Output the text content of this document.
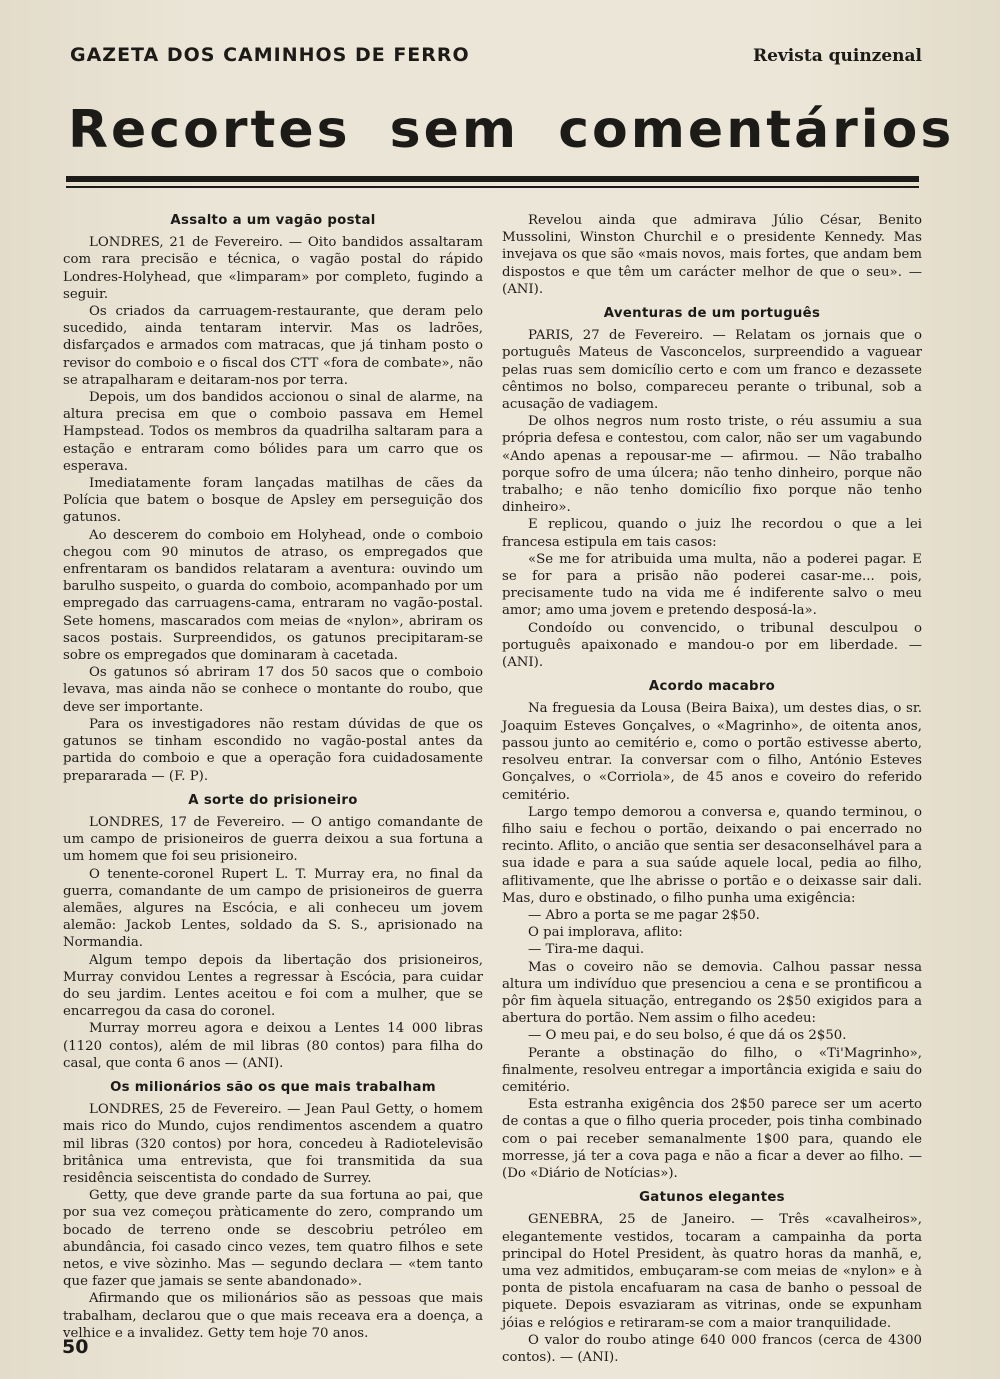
GAZETA DOS CAMINHOS DE FERRO	Revista quinzenal
Recortes sem comentários
Assalto a um vagão postal

LONDRES, 21 de Fevereiro. — Oito bandidos assaltaram com rara precisão e técnica, o vagão postal do rápido Londres-Holyhead, que «limparam» por completo, fugindo a seguir.

Os criados da carruagem-restaurante, que deram pelo sucedido, ainda tentaram intervir. Mas os ladrões, disfarçados e armados com matracas, que já tinham posto o revisor do comboio e o fiscal dos CTT «fora de combate», não se atrapalharam e deitaram-nos por terra.

Depois, um dos bandidos accionou o sinal de alarme, na altura precisa em que o comboio passava em Hemel Hampstead. Todos os membros da quadrilha saltaram para a estação e entraram como bólides para um carro que os esperava.

Imediatamente foram lançadas matilhas de cães da Polícia que batem o bosque de Apsley em perseguição dos gatunos.

Ao descerem do comboio em Holyhead, onde o comboio chegou com 90 minutos de atraso, os empregados que enfrentaram os bandidos relataram a aventura: ouvindo um barulho suspeito, o guarda do comboio, acompanhado por um empregado das carruagens-cama, entraram no vagão-postal. Sete homens, mascarados com meias de «nylon», abriram os sacos postais. Surpreendidos, os gatunos precipitaram-se sobre os empregados que dominaram à cacetada.

Os gatunos só abriram 17 dos 50 sacos que o comboio levava, mas ainda não se conhece o montante do roubo, que deve ser importante.

Para os investigadores não restam dúvidas de que os gatunos se tinham escondido no vagão-postal antes da partida do comboio e que a operação fora cuidadosamente prepararada — (F. P).

A sorte do prisioneiro

LONDRES, 17 de Fevereiro. — O antigo comandante de um campo de prisioneiros de guerra deixou a sua fortuna a um homem que foi seu prisioneiro.

O tenente-coronel Rupert L. T. Murray era, no final da guerra, comandante de um campo de prisioneiros de guerra alemães, algures na Escócia, e ali conheceu um jovem alemão: Jackob Lentes, soldado da S. S., aprisionado na Normandia.

Algum tempo depois da libertação dos prisioneiros, Murray convidou Lentes a regressar à Escócia, para cuidar do seu jardim. Lentes aceitou e foi com a mulher, que se encarregou da casa do coronel.

Murray morreu agora e deixou a Lentes 14 000 libras (1120 contos), além de mil libras (80 contos) para filha do casal, que conta 6 anos — (ANI).

Os milionários são os que mais trabalham

LONDRES, 25 de Fevereiro. — Jean Paul Getty, o homem mais rico do Mundo, cujos rendimentos ascendem a quatro mil libras (320 contos) por hora, concedeu à Radiotelevisão britânica uma entrevista, que foi transmitida da sua residência seiscentista do condado de Surrey.

Getty, que deve grande parte da sua fortuna ao pai, que por sua vez começou pràticamente do zero, comprando um bocado de terreno onde se descobriu petróleo em abundância, foi casado cinco vezes, tem quatro filhos e sete netos, e vive sòzinho. Mas — segundo declara — «tem tanto que fazer que jamais se sente abandonado».

Afirmando que os milionários são as pessoas que mais trabalham, declarou que o que mais receava era a doença, a velhice e a invalidez. Getty tem hoje 70 anos.

Revelou ainda que admirava Júlio César, Benito Mussolini, Winston Churchil e o presidente Kennedy. Mas invejava os que são «mais novos, mais fortes, que andam bem dispostos e que têm um carácter melhor de que o seu». — (ANI).

Aventuras de um português

PARIS, 27 de Fevereiro. — Relatam os jornais que o português Mateus de Vasconcelos, surpreendido a vaguear pelas ruas sem domicílio certo e com um franco e dezassete cêntimos no bolso, compareceu perante o tribunal, sob a acusação de vadiagem.

De olhos negros num rosto triste, o réu assumiu a sua própria defesa e contestou, com calor, não ser um vagabundo «Ando apenas a repousar-me — afirmou. — Não trabalho porque sofro de uma úlcera; não tenho dinheiro, porque não trabalho; e não tenho domicílio fixo porque não tenho dinheiro».

E replicou, quando o juiz lhe recordou o que a lei francesa estipula em tais casos:

«Se me for atribuida uma multa, não a poderei pagar. E se for para a prisão não poderei casar-me... pois, precisamente tudo na vida me é indiferente salvo o meu amor; amo uma jovem e pretendo desposá-la».

Condoído ou convencido, o tribunal desculpou o português apaixonado e mandou-o por em liberdade. — (ANI).

Acordo macabro

Na freguesia da Lousa (Beira Baixa), um destes dias, o sr. Joaquim Esteves Gonçalves, o «Magrinho», de oitenta anos, passou junto ao cemitério e, como o portão estivesse aberto, resolveu entrar. Ia conversar com o filho, António Esteves Gonçalves, o «Corriola», de 45 anos e coveiro do referido cemitério.

Largo tempo demorou a conversa e, quando terminou, o filho saiu e fechou o portão, deixando o pai encerrado no recinto. Aflito, o ancião que sentia ser desaconselhável para a sua idade e para a sua saúde aquele local, pedia ao filho, aflitivamente, que lhe abrisse o portão e o deixasse sair dali. Mas, duro e obstinado, o filho punha uma exigência:

— Abro a porta se me pagar 2$50.

O pai implorava, aflito:

— Tira-me daqui.

Mas o coveiro não se demovia. Calhou passar nessa altura um indivíduo que presenciou a cena e se prontificou a pôr fim àquela situação, entregando os 2$50 exigidos para a abertura do portão. Nem assim o filho acedeu:

— O meu pai, e do seu bolso, é que dá os 2$50.

Perante a obstinação do filho, o «Ti'Magrinho», finalmente, resolveu entregar a importância exigida e saiu do cemitério.

Esta estranha exigência dos 2$50 parece ser um acerto de contas a que o filho queria proceder, pois tinha combinado com o pai receber semanalmente 1$00 para, quando ele morresse, já ter a cova paga e não a ficar a dever ao filho. — (Do «Diário de Notícias»).

Gatunos elegantes

GENEBRA, 25 de Janeiro. — Três «cavalheiros», elegantemente vestidos, tocaram a campainha da porta principal do Hotel President, às quatro horas da manhã, e, uma vez admitidos, embuçaram-se com meias de «nylon» e à ponta de pistola encafuaram na casa de banho o pessoal de piquete. Depois esvaziaram as vitrinas, onde se expunham jóias e relógios e retiraram-se com a maior tranquilidade.

O valor do roubo atinge 640 000 francos (cerca de 4300 contos). — (ANI).

50
